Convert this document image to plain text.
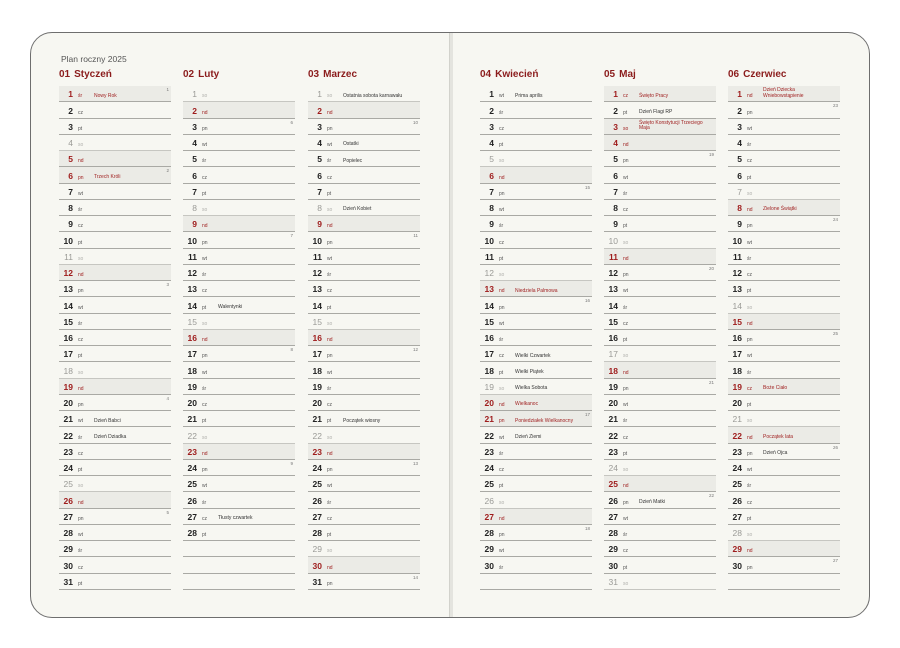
Plan roczny 2025
01 Styczeń
1 śr Nowy Rok
1
2 cz
3 pt
4 so
5 nd
6 pn Trzech Króli
2
7 wt
8 śr
9 cz
10 pt
11 so
12 nd
13 pn
3
14 wt
15 śr
16 cz
17 pt
18 so
19 nd
20 pn
4
21 wt Dzień Babci
22 śr Dzień Dziadka
23 cz
24 pt
25 so
26 nd
27 pn
5
28 wt
29 śr
30 cz
31 pt
02 Luty
1 so
2 nd
3 pn
6
4 wt
5 śr
6 cz
7 pt
8 so
9 nd
10 pn
7
11 wt
12 śr
13 cz
14 pt Walentynki
15 so
16 nd
17 pn
8
18 wt
19 śr
20 cz
21 pt
22 so
23 nd
24 pn
9
25 wt
26 śr
27 cz Tłusty czwartek
28 pt
03 Marzec
1 so Ostatnia sobota karnawału
2 nd
3 pn
10
4 wt Ostatki
5 śr Popielec
6 cz
7 pt
8 so Dzień Kobiet
9 nd
10 pn
11
11 wt
12 śr
13 cz
14 pt
15 so
16 nd
17 pn
12
18 wt
19 śr
20 cz
21 pt Początek wiosny
22 so
23 nd
24 pn
13
25 wt
26 śr
27 cz
28 pt
29 so
30 nd
31 pn
14
04 Kwiecień
1 wt Prima aprilis
2 śr
3 cz
4 pt
5 so
6 nd
7 pn
15
8 wt
9 śr
10 cz
11 pt
12 so
13 nd Niedziela Palmowa
14 pn
16
15 wt
16 śr
17 cz Wielki Czwartek
18 pt Wielki Piątek
19 so Wielka Sobota
20 nd Wielkanoc
21 pn Poniedziałek Wielkanocny
17
22 wt Dzień Ziemi
23 śr
24 cz
25 pt
26 so
27 nd
28 pn
18
29 wt
30 śr
05 Maj
1 cz Święto Pracy
2 pt Dzień Flagi RP
3 so
Święto Konstytucji Trzeciego Maja
4 nd
5 pn
19
6 wt
7 śr
8 cz
9 pt
10 so
11 nd
12 pn
20
13 wt
14 śr
15 cz
16 pt
17 so
18 nd
19 pn
21
20 wt
21 śr
22 cz
23 pt
24 so
25 nd
26 pn Dzień Matki
22
27 wt
28 śr
29 cz
30 pt
31 so
06 Czerwiec
1 nd
Dzień Dziecka Wniebowstąpienie
2 pn
23
3 wt
4 śr
5 cz
6 pt
7 so
8 nd Zielone Świątki
9 pn
24
10 wt
11 śr
12 cz
13 pt
14 so
15 nd
16 pn
25
17 wt
18 śr
19 cz Boże Ciało
20 pt
21 so
22 nd Początek lata
23 pn Dzień Ojca
26
24 wt
25 śr
26 cz
27 pt
28 so
29 nd
30 pn
27
